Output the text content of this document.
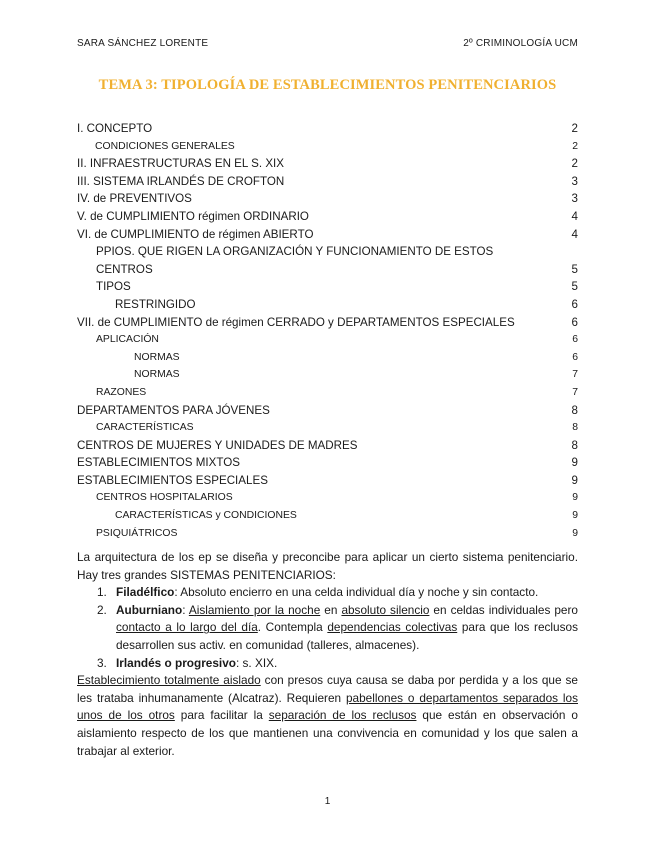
SARA SÁNCHEZ LORENTE	2º CRIMINOLOGÍA UCM
TEMA 3: TIPOLOGÍA DE ESTABLECIMIENTOS PENITENCIARIOS
I. CONCEPTO	2
CONDICIONES GENERALES	2
II. INFRAESTRUCTURAS EN EL S. XIX	2
III. SISTEMA IRLANDÉS DE CROFTON	3
IV. de PREVENTIVOS	3
V. de CUMPLIMIENTO régimen ORDINARIO	4
VI. de CUMPLIMIENTO de régimen ABIERTO	4
PPIOS. QUE RIGEN LA ORGANIZACIÓN Y FUNCIONAMIENTO DE ESTOS CENTROS	5
TIPOS	5
RESTRINGIDO	6
VII. de CUMPLIMIENTO de régimen CERRADO y DEPARTAMENTOS ESPECIALES	6
APLICACIÓN	6
NORMAS	6
NORMAS	7
RAZONES	7
DEPARTAMENTOS PARA JÓVENES	8
CARACTERÍSTICAS	8
CENTROS DE MUJERES Y UNIDADES DE MADRES	8
ESTABLECIMIENTOS MIXTOS	9
ESTABLECIMIENTOS ESPECIALES	9
CENTROS HOSPITALARIOS	9
CARACTERÍSTICAS y CONDICIONES	9
PSIQUIÁTRICOS	9

La arquitectura de los ep se diseña y preconcibe para aplicar un cierto sistema penitenciario. Hay tres grandes SISTEMAS PENITENCIARIOS:

1. Filadélfico: Absoluto encierro en una celda individual día y noche y sin contacto.
2. Auburniano: Aislamiento por la noche en absoluto silencio en celdas individuales pero contacto a lo largo del día. Contempla dependencias colectivas para que los reclusos desarrollen sus activ. en comunidad (talleres, almacenes).
3. Irlandés o progresivo: s. XIX.

Establecimiento totalmente aislado con presos cuya causa se daba por perdida y a los que se les trataba inhumanamente (Alcatraz). Requieren pabellones o departamentos separados los unos de los otros para facilitar la separación de los reclusos que están en observación o aislamiento respecto de los que mantienen una convivencia en comunidad y los que salen a trabajar al exterior.

1
